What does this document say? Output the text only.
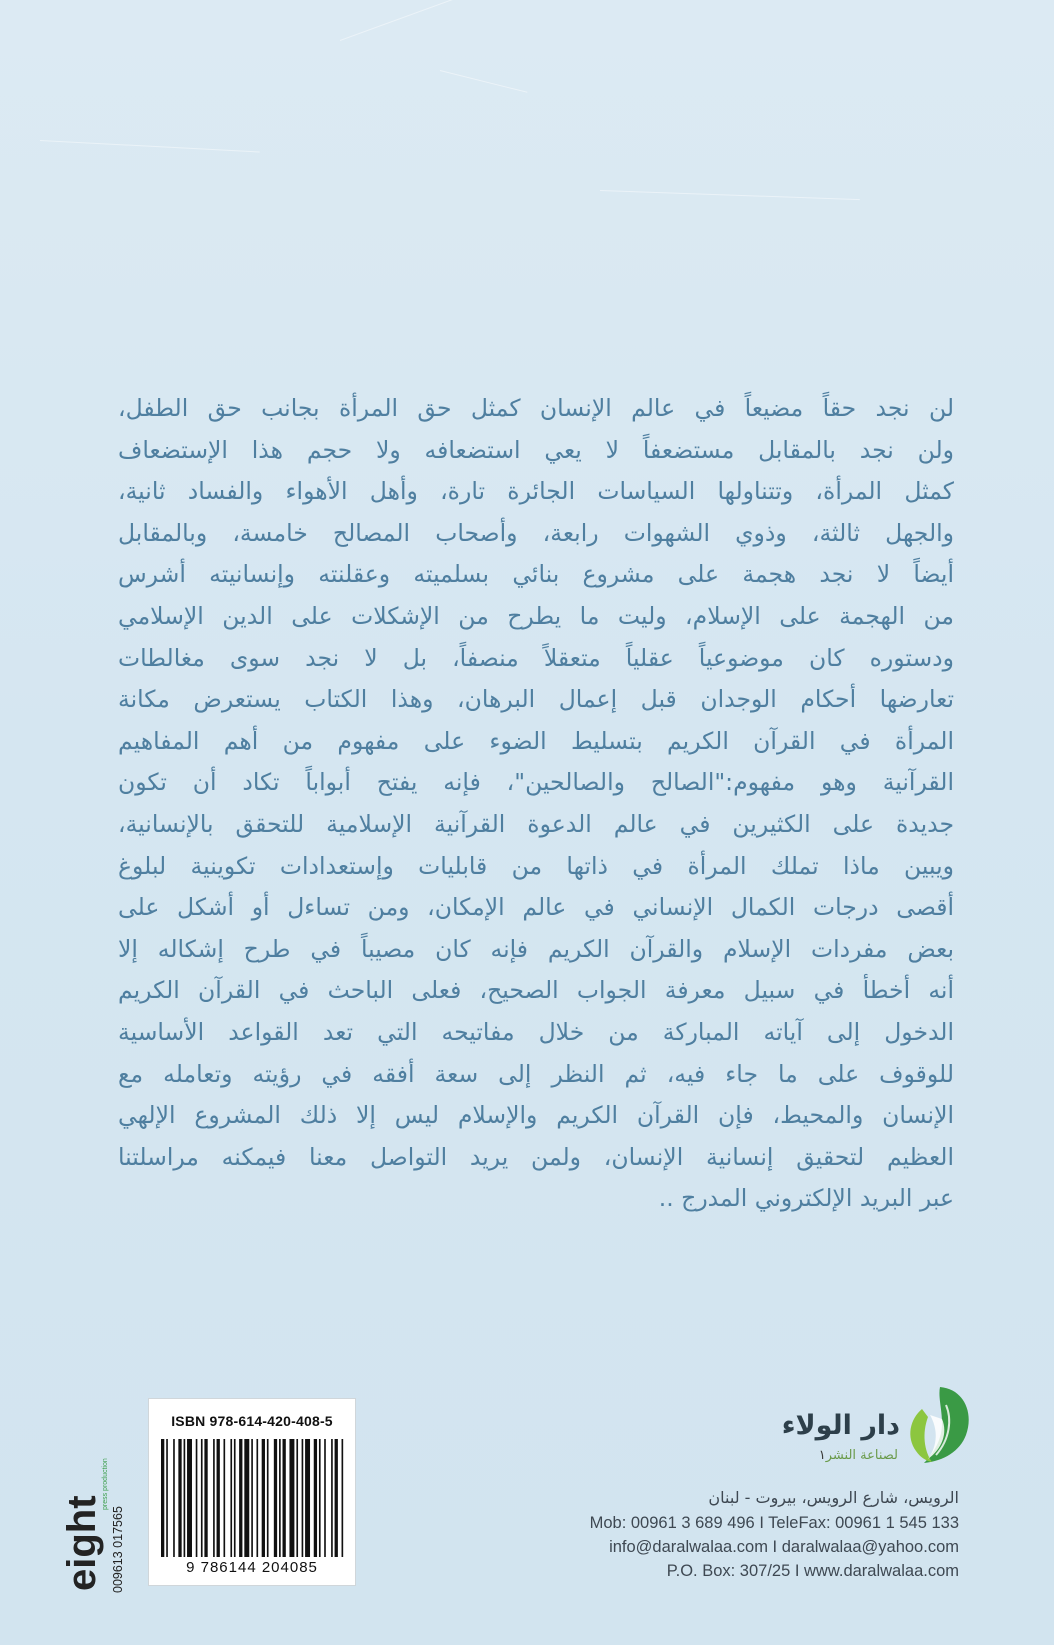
لن نجد حقاً مضيعاً في عالم الإنسان كمثل حق المرأة بجانب حق الطفل،
ولن نجد بالمقابل مستضعفاً لا يعي استضعافه ولا حجم هذا الإستضعاف
كمثل المرأة، وتتناولها السياسات الجائرة تارة، وأهل الأهواء والفساد ثانية،
والجهل ثالثة، وذوي الشهوات رابعة، وأصحاب المصالح خامسة، وبالمقابل
أيضاً لا نجد هجمة على مشروع بنائي بسلميته وعقلنته وإنسانيته أشرس
من الهجمة على الإسلام، وليت ما يطرح من الإشكلات على الدين الإسلامي
ودستوره كان موضوعياً عقلياً متعقلاً منصفاً، بل لا نجد سوى مغالطات
تعارضها أحكام الوجدان قبل إعمال البرهان، وهذا الكتاب يستعرض مكانة
المرأة في القرآن الكريم بتسليط الضوء على مفهوم من أهم المفاهيم
القرآنية وهو مفهوم:"الصالح والصالحين"، فإنه يفتح أبواباً تكاد أن تكون
جديدة على الكثيرين في عالم الدعوة القرآنية الإسلامية للتحقق بالإنسانية،
ويبين ماذا تملك المرأة في ذاتها من قابليات وإستعدادات تكوينية لبلوغ
أقصى درجات الكمال الإنساني في عالم الإمكان، ومن تساءل أو أشكل على
بعض مفردات الإسلام والقرآن الكريم فإنه كان مصيباً في طرح إشكاله إلا
أنه أخطأ في سبيل معرفة الجواب الصحيح، فعلى الباحث في القرآن الكريم
الدخول إلى آياته المباركة من خلال مفاتيحه التي تعد القواعد الأساسية
للوقوف على ما جاء فيه، ثم النظر إلى سعة أفقه في رؤيته وتعامله مع
الإنسان والمحيط، فإن القرآن الكريم والإسلام ليس إلا ذلك المشروع الإلهي
العظيم لتحقيق إنسانية الإنسان، ولمن يريد التواصل معنا فيمكنه مراسلتنا
عبر البريد الإلكتروني المدرج ..
ISBN 978-614-420-408-5
9 786144 204085
eight
press production
009613 017565
دار الولاء
لصناعة النشر١
الرويس، شارع الرويس، بيروت - لبنان
Mob: 00961 3 689 496 I TeleFax: 00961 1 545 133
info@daralwalaa.com I daralwalaa@yahoo.com
P.O. Box: 307/25 I www.daralwalaa.com
